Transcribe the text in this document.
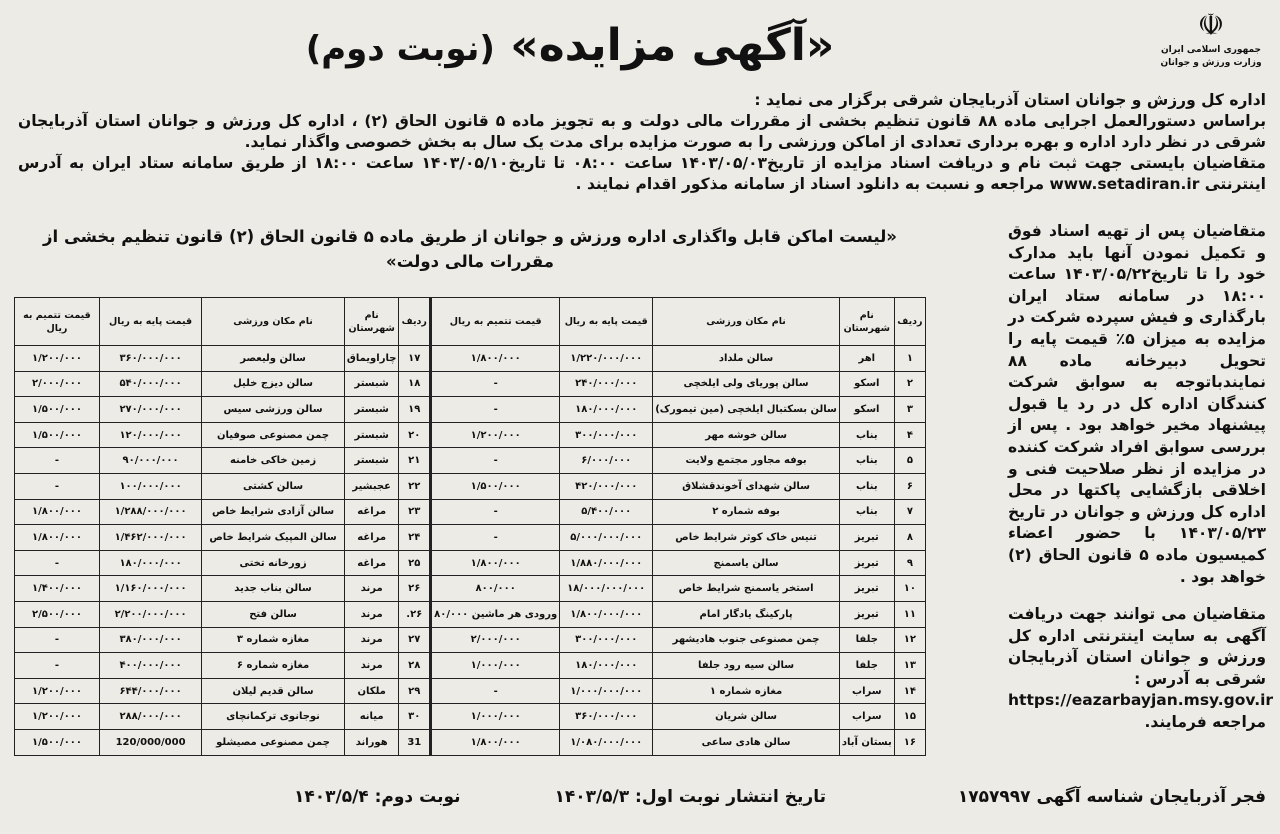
☫
جمهوری اسلامی ایران
وزارت ورزش و جوانان
«آگهی مزایده» (نوبت دوم)

اداره کل ورزش و جوانان استان آذربایجان شرقی برگزار می نماید :

براساس دستورالعمل اجرایی ماده ۸۸ قانون تنظیم بخشی از مقررات مالی دولت و به تجویز ماده ۵ قانون الحاق (۲) ، اداره کل ورزش و جوانان استان آذربایجان شرقی در نظر دارد اداره و بهره برداری تعدادی از اماکن ورزشی را به صورت مزایده برای مدت یک سال به بخش خصوصی واگذار نماید.

متقاضیان بایستی جهت ثبت نام و دریافت اسناد مزایده از تاریخ۱۴۰۳/۰۵/۰۳ ساعت ۰۸:۰۰ تا تاریخ۱۴۰۳/۰۵/۱۰ ساعت ۱۸:۰۰ از طریق سامانه ستاد ایران به آدرس اینترنتی www.setadiran.ir مراجعه و نسبت به دانلود اسناد از سامانه مذکور اقدام نمایند .

متقاضیان پس از تهیه اسناد فوق و تکمیل نمودن آنها باید مدارک خود را تا تاریخ۱۴۰۳/۰۵/۲۲ ساعت ۱۸:۰۰ در سامانه ستاد ایران بارگذاری و فیش سپرده شرکت در مزایده به میزان ۵٪ قیمت پایه را تحویل دبیرخانه ماده ۸۸ نمایندباتوجه به سوابق شرکت کنندگان اداره کل در رد یا قبول پیشنهاد مخیر خواهد بود . پس از بررسی سوابق افراد شرکت کننده در مزایده از نظر صلاحیت فنی و اخلاقی بازگشایی پاکتها در محل اداره کل ورزش و جوانان در تاریخ ۱۴۰۳/۰۵/۲۳ با حضور اعضاء کمیسیون ماده ۵ قانون الحاق (۲) خواهد بود .

متقاضیان می توانند جهت دریافت آگهی به سایت اینترنتی اداره کل ورزش و جوانان استان آذربایجان شرقی به آدرس :
https://eazarbayjan.msy.gov.ir
مراجعه فرمایند.

«لیست اماکن قابل واگذاری اداره ورزش و جوانان از طریق ماده ۵ قانون الحاق (۲) قانون تنظیم بخشی از مقررات مالی دولت»
ردیف	نام شهرستان	نام مکان ورزشی	قیمت پایه به ریال	قیمت تتمیم به ریال	ردیف	نام شهرستان	نام مکان ورزشی	قیمت پایه به ریال	قیمت تتمیم به ریال
۱	اهر	سالن ملداد	۱/۲۲۰/۰۰۰/۰۰۰	۱/۸۰۰/۰۰۰	۱۷	چاراویماق	سالن ولیعصر	۳۶۰/۰۰۰/۰۰۰	۱/۲۰۰/۰۰۰
۲	اسکو	سالن پوریای ولی ایلخچی	۲۴۰/۰۰۰/۰۰۰	-	۱۸	شبستر	سالن دیزج خلیل	۵۴۰/۰۰۰/۰۰۰	۲/۰۰۰/۰۰۰
۳	اسکو	سالن بسکتبال ایلخچی (مین تیمورک)	۱۸۰/۰۰۰/۰۰۰	-	۱۹	شبستر	سالن ورزشی سیس	۲۷۰/۰۰۰/۰۰۰	۱/۵۰۰/۰۰۰
۴	بناب	سالن خوشه مهر	۳۰۰/۰۰۰/۰۰۰	۱/۲۰۰/۰۰۰	۲۰	شبستر	چمن مصنوعی صوفیان	۱۲۰/۰۰۰/۰۰۰	۱/۵۰۰/۰۰۰
۵	بناب	بوفه مجاور مجتمع ولایت	۶/۰۰۰/۰۰۰	-	۲۱	شبستر	زمین خاکی خامنه	۹۰/۰۰۰/۰۰۰	-
۶	بناب	سالن شهدای آخوندقشلاق	۴۲۰/۰۰۰/۰۰۰	۱/۵۰۰/۰۰۰	۲۲	عجبشیر	سالن کشتی	۱۰۰/۰۰۰/۰۰۰	-
۷	بناب	بوفه شماره ۲	۵/۴۰۰/۰۰۰	-	۲۳	مراغه	سالن آزادی شرایط خاص	۱/۲۸۸/۰۰۰/۰۰۰	۱/۸۰۰/۰۰۰
۸	تبریز	تنیس خاک کوثر شرایط خاص	۵/۰۰۰/۰۰۰/۰۰۰	-	۲۴	مراغه	سالن المپیک شرایط خاص	۱/۴۶۲/۰۰۰/۰۰۰	۱/۸۰۰/۰۰۰
۹	تبریز	سالن یاسمنج	۱/۸۸۰/۰۰۰/۰۰۰	۱/۸۰۰/۰۰۰	۲۵	مراغه	زورخانه تختی	۱۸۰/۰۰۰/۰۰۰	-
۱۰	تبریز	استخر یاسمنج شرایط خاص	۱۸/۰۰۰/۰۰۰/۰۰۰	۸۰۰/۰۰۰	۲۶	مرند	سالن بناب جدید	۱/۱۶۰/۰۰۰/۰۰۰	۱/۴۰۰/۰۰۰
۱۱	تبریز	پارکینگ یادگار امام	۱/۸۰۰/۰۰۰/۰۰۰	ورودی هر ماشین ۸۰/۰۰۰	۲۶.	مرند	سالن فتح	۲/۲۰۰/۰۰۰/۰۰۰	۲/۵۰۰/۰۰۰
۱۲	جلفا	چمن مصنوعی جنوب هادیشهر	۳۰۰/۰۰۰/۰۰۰	۲/۰۰۰/۰۰۰	۲۷	مرند	مغازه شماره ۳	۳۸۰/۰۰۰/۰۰۰	-
۱۳	جلفا	سالن سیه رود جلفا	۱۸۰/۰۰۰/۰۰۰	۱/۰۰۰/۰۰۰	۲۸	مرند	مغازه شماره ۶	۴۰۰/۰۰۰/۰۰۰	-
۱۴	سراب	مغازه شماره ۱	۱/۰۰۰/۰۰۰/۰۰۰	-	۲۹	ملکان	سالن قدیم لیلان	۶۴۴/۰۰۰/۰۰۰	۱/۲۰۰/۰۰۰
۱۵	سراب	سالن شریان	۳۶۰/۰۰۰/۰۰۰	۱/۰۰۰/۰۰۰	۳۰	میانه	نوجانوی ترکمانچای	۲۸۸/۰۰۰/۰۰۰	۱/۲۰۰/۰۰۰
۱۶	بستان آباد	سالن هادی ساعی	۱/۰۸۰/۰۰۰/۰۰۰	۱/۸۰۰/۰۰۰	31	هوراند	چمن مصنوعی مصیشلو	120/000/000	۱/۵۰۰/۰۰۰
فجر آذربایجان شناسه آگهی ۱۷۵۷۹۹۷
تاریخ انتشار نوبت اول: ۱۴۰۳/۵/۳
نوبت دوم: ۱۴۰۳/۵/۴
